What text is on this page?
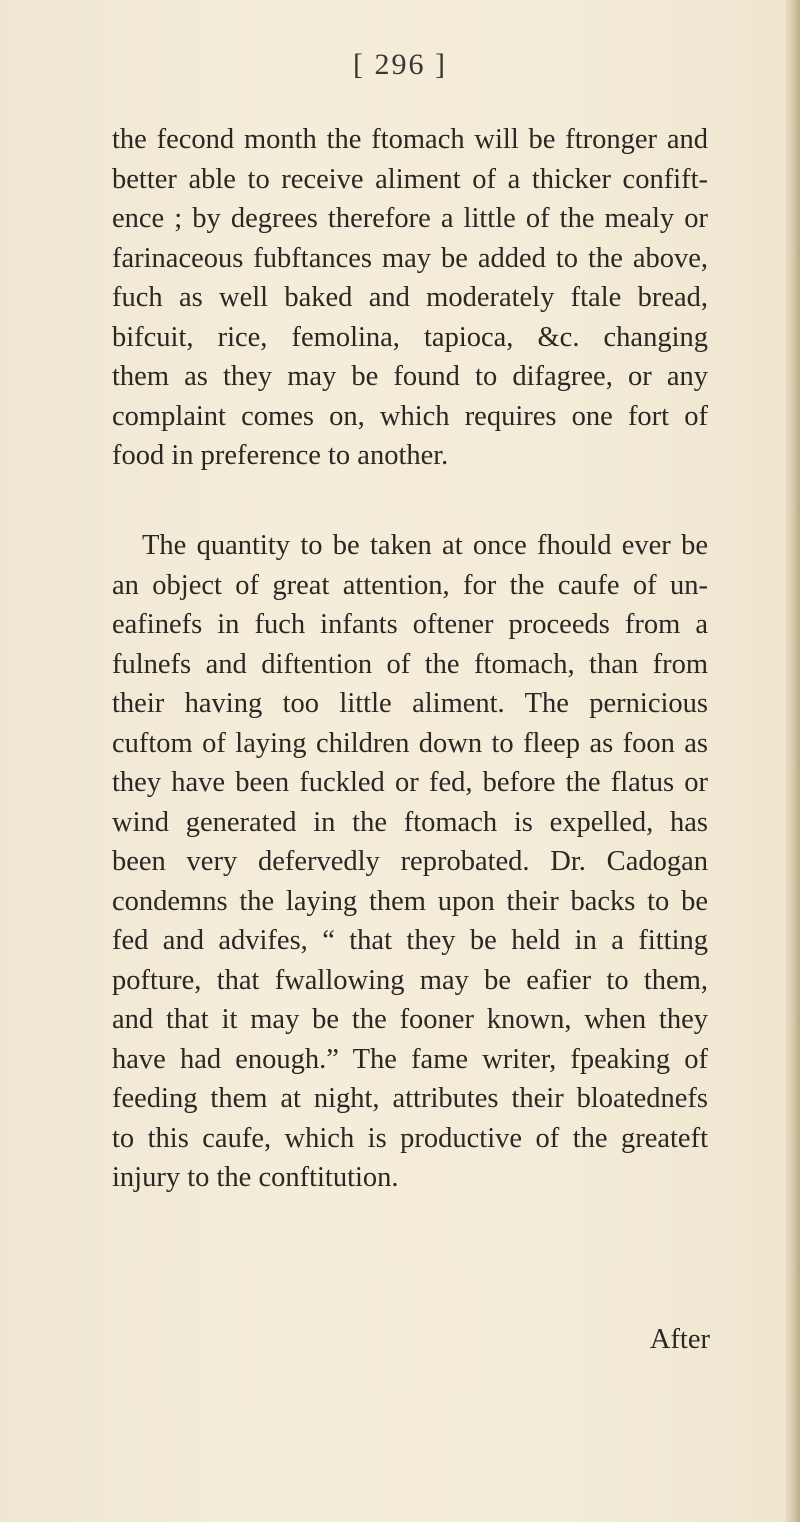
[ 296 ]
the fecond month the ftomach will be ftronger and
better able to receive aliment of a thicker confift-
ence ; by degrees therefore a little of the mealy or
farinaceous fubftances may be added to the above,
fuch as well baked and moderately ftale bread,
bifcuit, rice, femolina, tapioca, &c. changing
them as they may be found to difagree, or any
complaint comes on, which requires one fort of
food in preference to another.
The quantity to be taken at once fhould ever be
an object of great attention, for the caufe of un-
eafinefs in fuch infants oftener proceeds from a
fulnefs and diftention of the ftomach, than from
their having too little aliment. The pernicious
cuftom of laying children down to fleep as foon as
they have been fuckled or fed, before the flatus or
wind generated in the ftomach is expelled, has
been very defervedly reprobated. Dr. Cadogan
condemns the laying them upon their backs to be
fed and advifes, “ that they be held in a fitting
pofture, that fwallowing may be eafier to them,
and that it may be the fooner known, when they
have had enough.” The fame writer, fpeaking of
feeding them at night, attributes their bloatednefs
to this caufe, which is productive of the greateft
injury to the conftitution.
After
